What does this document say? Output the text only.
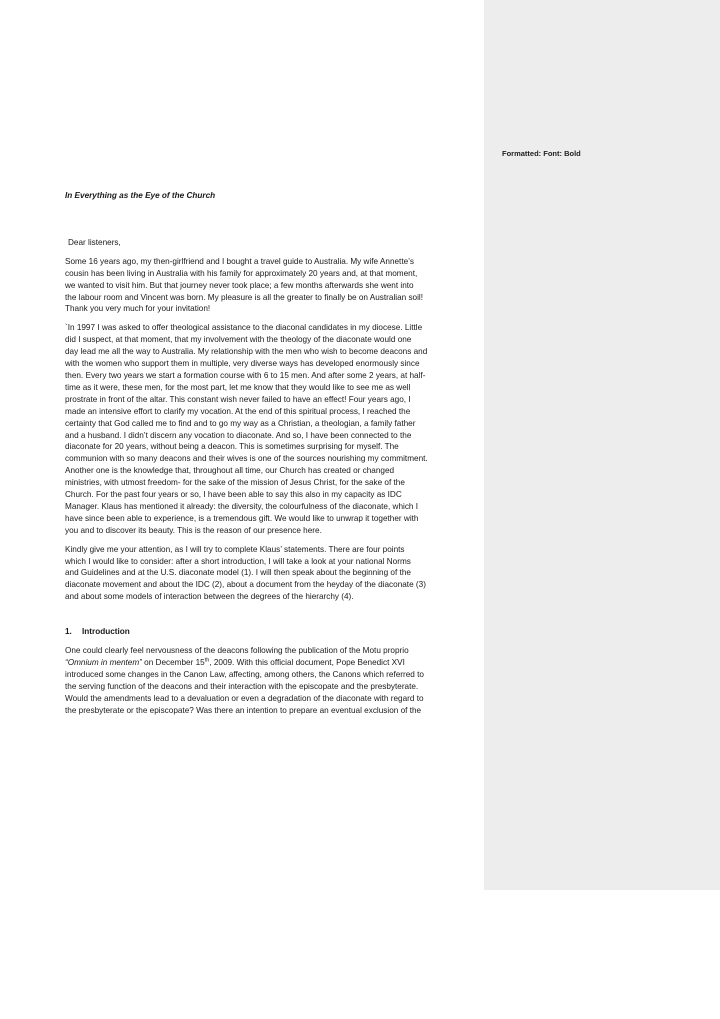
Formatted: Font: Bold
In Everything as the Eye of the Church
Dear listeners,

Some 16 years ago, my then-girlfriend and I bought a travel guide to Australia. My wife Annette’s
cousin has been living in Australia with his family for approximately 20 years and, at that moment,
we wanted to visit him. But that journey never took place; a few months afterwards she went into
the labour room and Vincent was born. My pleasure is all the greater to finally be on Australian soil!
Thank you very much for your invitation!

`In 1997 I was asked to offer theological assistance to the diaconal candidates in my diocese. Little
did I suspect, at that moment, that my involvement with the theology of the diaconate would one
day lead me all the way to Australia. My relationship with the men who wish to become deacons and
with the women who support them in multiple, very diverse ways has developed enormously since
then. Every two years we start a formation course with 6 to 15 men. And after some 2 years, at half-
time as it were, these men, for the most part, let me know that they would like to see me as well
prostrate in front of the altar. This constant wish never failed to have an effect! Four years ago, I
made an intensive effort to clarify my vocation. At the end of this spiritual process, I reached the
certainty that God called me to find and to go my way as a Christian, a theologian, a family father
and a husband. I didn’t discern any vocation to diaconate. And so, I have been connected to the
diaconate for 20 years, without being a deacon. This is sometimes surprising for myself. The
communion with so many deacons and their wives is one of the sources nourishing my commitment.
Another one is the knowledge that, throughout all time, our Church has created or changed
ministries, with utmost freedom- for the sake of the mission of Jesus Christ, for the sake of the
Church. For the past four years or so, I have been able to say this also in my capacity as IDC
Manager. Klaus has mentioned it already: the diversity, the colourfulness of the diaconate, which I
have since been able to experience, is a tremendous gift. We would like to unwrap it together with
you and to discover its beauty. This is the reason of our presence here.

Kindly give me your attention, as I will try to complete Klaus’ statements. There are four points
which I would like to consider: after a short introduction, I will take a look at your national Norms
and Guidelines and at the U.S. diaconate model (1). I will then speak about the beginning of the
diaconate movement and about the IDC (2), about a document from the heyday of the diaconate (3)
and about some models of interaction between the degrees of the hierarchy (4).

1. Introduction

One could clearly feel nervousness of the deacons following the publication of the Motu proprio
“Omnium in mentem” on December 15th, 2009. With this official document, Pope Benedict XVI
introduced some changes in the Canon Law, affecting, among others, the Canons which referred to
the serving function of the deacons and their interaction with the episcopate and the presbyterate.
Would the amendments lead to a devaluation or even a degradation of the diaconate with regard to
the presbyterate or the episcopate? Was there an intention to prepare an eventual exclusion of the
